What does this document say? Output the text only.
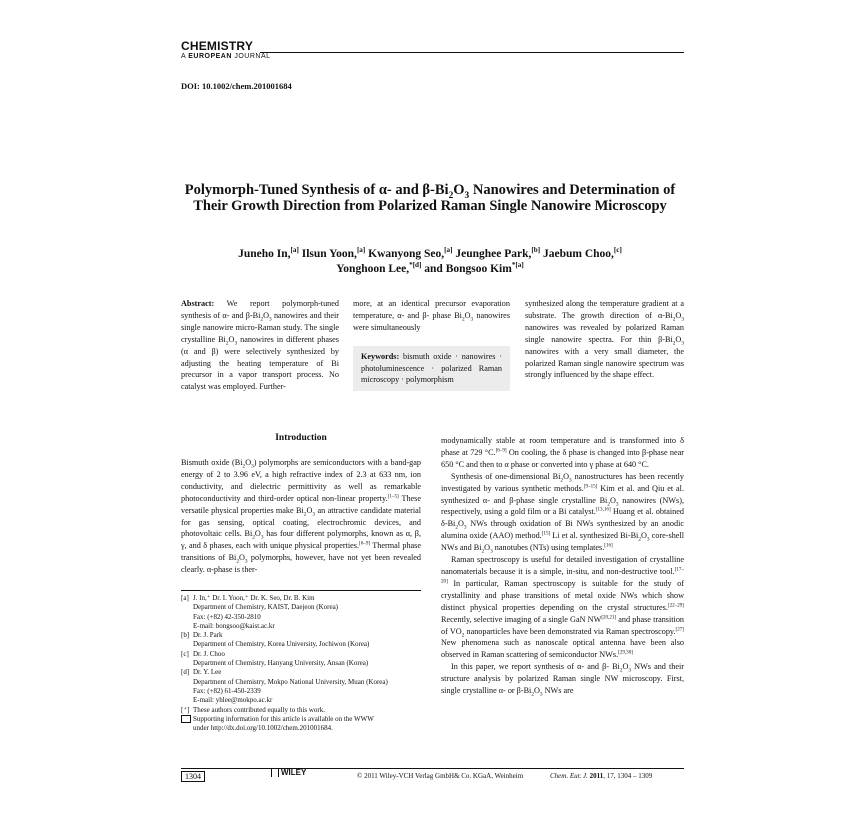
CHEMISTRY
A EUROPEAN JOURNAL
DOI: 10.1002/chem.201001684
Polymorph-Tuned Synthesis of α- and $\beta-Bi_2O_3$ Nanowires and Determination of Their Growth Direction from Polarized Raman Single Nanowire Microscopy
Juneho In,[a] Ilsun Yoon,[a] Kwanyong Seo,[a] Jeunghee Park,[b] Jaebum Choo,[c]
Yonghoon Lee,$^{*[d]}$ and Bongsoo Kim$^{*[a]}$
Abstract: We report polymorph-tuned synthesis of α- and $\beta-Bi_2O_3$ nanowires and their single nanowire micro-Raman study. The single crystalline $Bi_2O_3$ nanowires in different phases (α and β) were selectively synthesized by adjusting the heating temperature of Bi precursor in a vapor transport process. No catalyst was employed. Further-
more, at an identical precursor evaporation temperature, α- and β- phase $Bi_2O_3$ nanowires were simultaneously
Keywords: bismuth oxide · nanowires · photoluminescence · polarized Raman microscopy · polymorphism
synthesized along the temperature gradient at a substrate. The growth direction of $\alpha-Bi_2O_3$ nanowires was revealed by polarized Raman single nanowire spectra. For thin $\beta-Bi_2O_3$ nanowires with a very small diameter, the polarized Raman single nanowire spectrum was strongly influenced by the shape effect.
Introduction

Bismuth oxide $(Bi_2O_3)$ polymorphs are semiconductors with a band-gap energy of 2 to 3.96 eV, a high refractive index of 2.3 at 633 nm, ion conductivity, and dielectric permittivity as well as remarkable photoconductivity and third-order optical non-linear property.[1–5] These versatile physical properties make $Bi_2O_3$ an attractive candidate material for gas sensing, optical coating, electrochromic devices, and photovoltaic cells. $Bi_2O_3$ has four different polymorphs, known as α, β, γ, and δ phases, each with unique physical properties.[6–9] Thermal phase transitions of $Bi_2O_3$ polymorphs, however, have not yet been revealed clearly. α-phase is ther-

[a] J. In,⁺ Dr. I. Yoon,⁺ Dr. K. Seo, Dr. B. Kim
Department of Chemistry, KAIST, Daejeon (Korea)
Fax: (+82) 42-350-2810
E-mail: bongsoo@kaist.ac.kr
[b] Dr. J. Park
Department of Chemistry, Korea University, Jochiwon (Korea)
[c] Dr. J. Choo
Department of Chemistry, Hanyang University, Ansan (Korea)
[d] Dr. Y. Lee
Department of Chemistry, Mokpo National University, Muan (Korea)
Fax: (+82) 61-450-2339
E-mail: yhlee@mokpo.ac.kr
[⁺] These authors contributed equally to this work.
Supporting information for this article is available on the WWW
under http://dx.doi.org/10.1002/chem.201001684.

modynamically stable at room temperature and is transformed into δ phase at 729 °C.[6–9] On cooling, the δ phase is changed into β-phase near 650 °C and then to α phase or converted into γ phase at 640 °C.

Synthesis of one-dimensional $Bi_2O_3$ nanostructures has been recently investigated by various synthetic methods.[9–15] Kim et al. and Qiu et al. synthesized α- and β-phase single crystalline $Bi_2O_3$ nanowires (NWs), respectively, using a gold film or a Bi catalyst.[13,16] Huang et al. obtained $\delta-Bi_2O_3$ NWs through oxidation of Bi NWs synthesized by an anodic alumina oxide (AAO) method.[15] Li et al. synthesized $Bi-Bi_2O_3$ core-shell NWs and $Bi_2O_3$ nanotubes (NTs) using templates.[16]

Raman spectroscopy is useful for detailed investigation of crystalline nanomaterials because it is a simple, in-situ, and non-destructive tool.[17–20] In particular, Raman spectroscopy is suitable for the study of crystallinity and phase transitions of metal oxide NWs which show distinct physical properties depending on the crystal structures.[22–29] Recently, selective imaging of a single GaN NW[20,21] and phase transition of $VO_2$ nanoparticles have been demonstrated via Raman spectroscopy.[27] New phenomena such as nanoscale optical antenna have been also observed in Raman scattering of semiconductor NWs.[29,30]

In this paper, we report synthesis of α- and β- $Bi_2O_3$ NWs and their structure analysis by polarized Raman single NW microscopy. First, single crystalline α- or $\beta-Bi_2O_3$ NWs are

1304	WILEY	© 2011 Wiley-VCH Verlag GmbH& Co. KGaA, Weinheim	Chem. Eur. J. 2011, 17, 1304 – 1309
